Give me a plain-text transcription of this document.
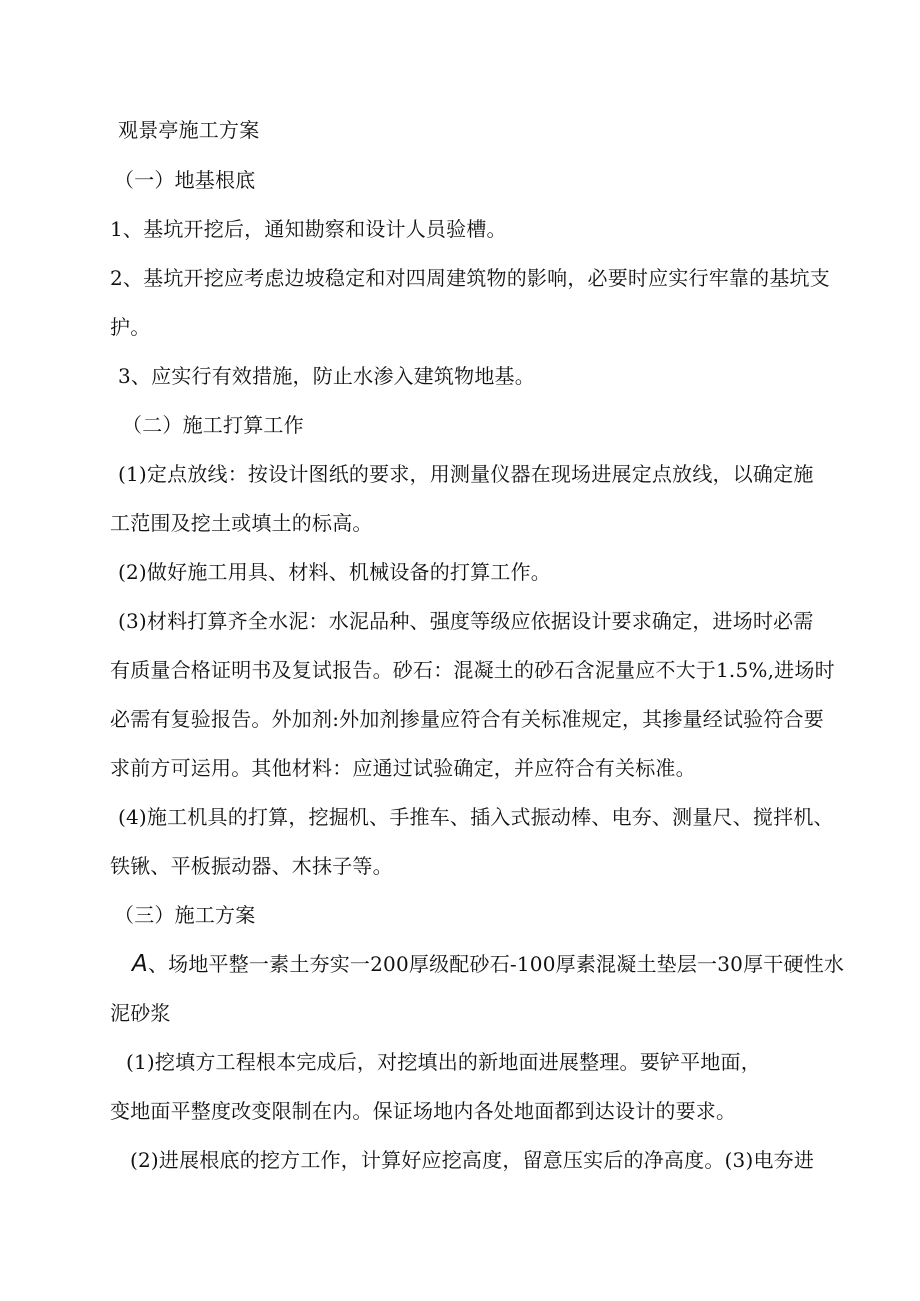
观景亭施工方案
（一）地基根底
1、基坑开挖后，通知勘察和设计人员验槽。
2、基坑开挖应考虑边坡稳定和对四周建筑物的影响，必要时应实行牢靠的基坑支
护。
3、应实行有效措施，防止水渗入建筑物地基。
（二）施工打算工作
(1)定点放线：按设计图纸的要求，用测量仪器在现场进展定点放线，以确定施
工范围及挖土或填土的标高。
(2)做好施工用具、材料、机械设备的打算工作。
(3)材料打算齐全水泥：水泥品种、强度等级应依据设计要求确定，进场时必需
有质量合格证明书及复试报告。砂石：混凝土的砂石含泥量应不大于1.5%,进场时
必需有复验报告。外加剂:外加剂掺量应符合有关标准规定，其掺量经试验符合要
求前方可运用。其他材料：应通过试验确定，并应符合有关标准。
(4)施工机具的打算，挖掘机、手推车、插入式振动棒、电夯、测量尺、搅拌机、
铁锹、平板振动器、木抹子等。
（三）施工方案
A、场地平整一素土夯实一200厚级配砂石-100厚素混凝土垫层一30厚干硬性水
泥砂浆
(1)挖填方工程根本完成后，对挖填出的新地面进展整理。要铲平地面，
变地面平整度改变限制在内。保证场地内各处地面都到达设计的要求。
(2)进展根底的挖方工作，计算好应挖高度，留意压实后的净高度。(3)电夯进
